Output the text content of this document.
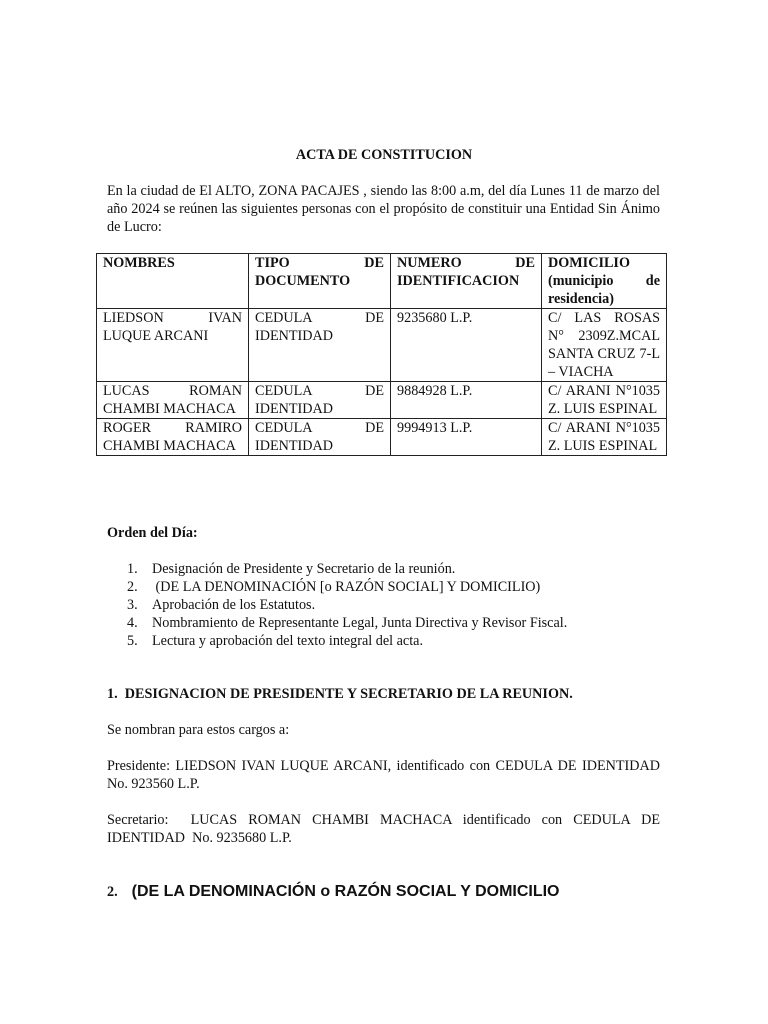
ACTA DE CONSTITUCION
En la ciudad de El ALTO, ZONA PACAJES , siendo las 8:00 a.m, del día Lunes 11 de marzo del año 2024 se reúnen las siguientes personas con el propósito de constituir una Entidad Sin Ánimo de Lucro:
NOMBRES	TIPO DE DOCUMENTO	NUMERO DE IDENTIFICACION	DOMICILIO (municipio de residencia)
LIEDSON IVAN LUQUE ARCANI	CEDULA DE IDENTIDAD	9235680 L.P.	C/ LAS ROSAS N° 2309Z.MCAL SANTA CRUZ 7-L – VIACHA
LUCAS ROMAN CHAMBI MACHACA	CEDULA DE IDENTIDAD	9884928 L.P.	C/ ARANI N°1035 Z. LUIS ESPINAL
ROGER RAMIRO CHAMBI MACHACA	CEDULA DE IDENTIDAD	9994913 L.P.	C/ ARANI N°1035 Z. LUIS ESPINAL
Orden del Día:
1. Designación de Presidente y Secretario de la reunión.
2. (DE LA DENOMINACIÓN [o RAZÓN SOCIAL] Y DOMICILIO)
3. Aprobación de los Estatutos.
4. Nombramiento de Representante Legal, Junta Directiva y Revisor Fiscal.
5. Lectura y aprobación del texto integral del acta.
1.  DESIGNACION DE PRESIDENTE Y SECRETARIO DE LA REUNION.
Se nombran para estos cargos a:
Presidente: LIEDSON IVAN LUQUE ARCANI, identificado con CEDULA DE IDENTIDAD No. 923560 L.P.
Secretario:  LUCAS ROMAN CHAMBI MACHACA identificado con CEDULA DE IDENTIDAD  No. 9235680 L.P.
2. (DE LA DENOMINACIÓN o RAZÓN SOCIAL Y DOMICILIO
